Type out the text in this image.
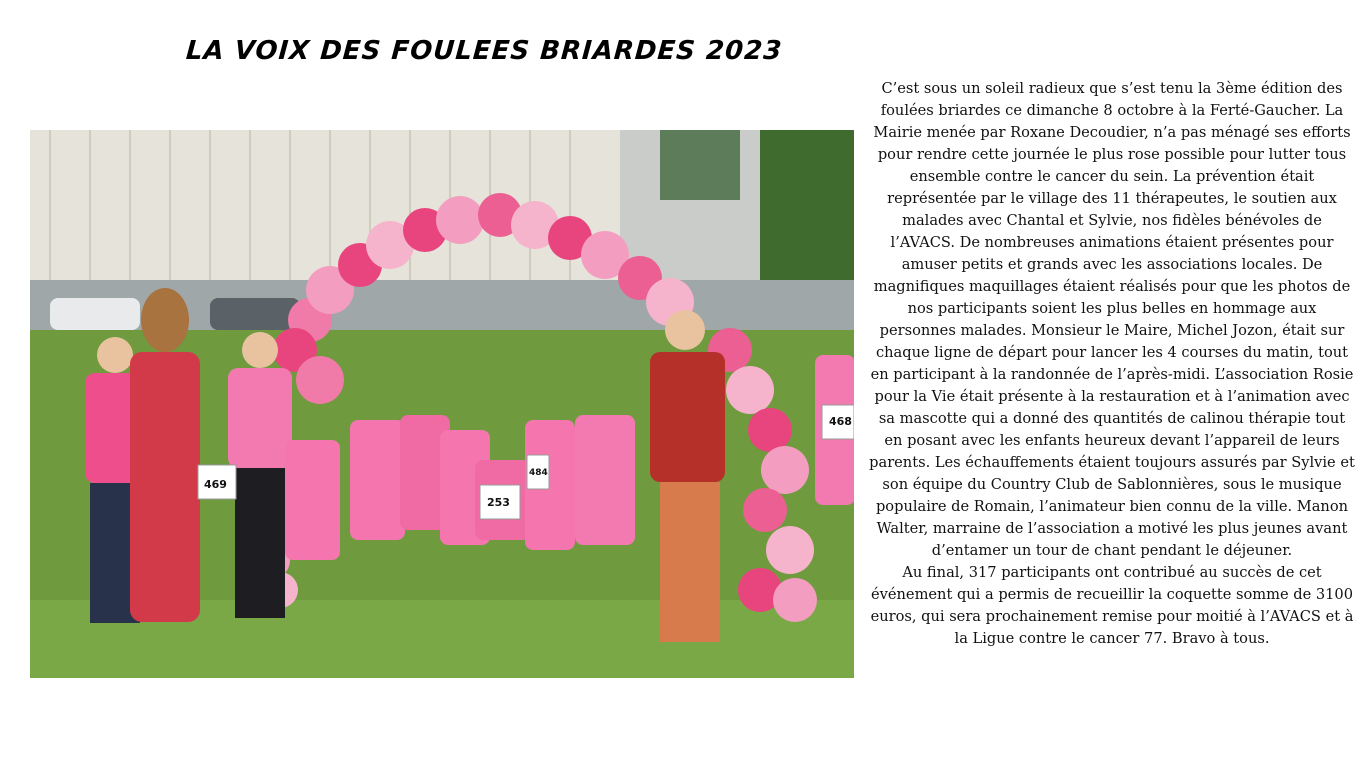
LA VOIX DES FOULEES BRIARDES 2023
469
253
484
468

C’est sous un soleil radieux que s’est tenu la 3ème édition des foulées briardes ce dimanche 8 octobre à la Ferté-Gaucher. La Mairie menée par Roxane Decoudier, n’a pas ménagé ses efforts pour rendre cette journée le plus rose possible pour lutter tous ensemble contre le cancer du sein. La prévention était représentée par le village des 11 thérapeutes, le soutien aux malades avec Chantal et Sylvie, nos fidèles bénévoles de l’AVACS. De nombreuses animations étaient présentes pour amuser petits et grands avec les associations locales. De magnifiques maquillages étaient réalisés pour que les photos de nos participants soient les plus belles en hommage aux personnes malades. Monsieur le Maire, Michel Jozon, était sur chaque ligne de départ pour lancer les 4 courses du matin, tout en participant à la randonnée de l’après-midi. L’association Rosie pour la Vie était présente à la restauration et à l’animation avec sa mascotte qui a donné des quantités de calinou thérapie tout en posant avec les enfants heureux devant l’appareil de leurs parents. Les échauffements étaient toujours assurés par Sylvie et son équipe du Country Club de Sablonnières, sous le musique populaire de Romain, l’animateur bien connu de la ville. Manon Walter, marraine de l’association a motivé les plus jeunes avant d’entamer un tour de chant pendant le déjeuner.

Au final, 317 participants ont contribué au succès de cet événement qui a permis de recueillir la coquette somme de 3100 euros, qui sera prochainement remise pour moitié à l’AVACS et à la Ligue contre le cancer 77. Bravo à tous.
